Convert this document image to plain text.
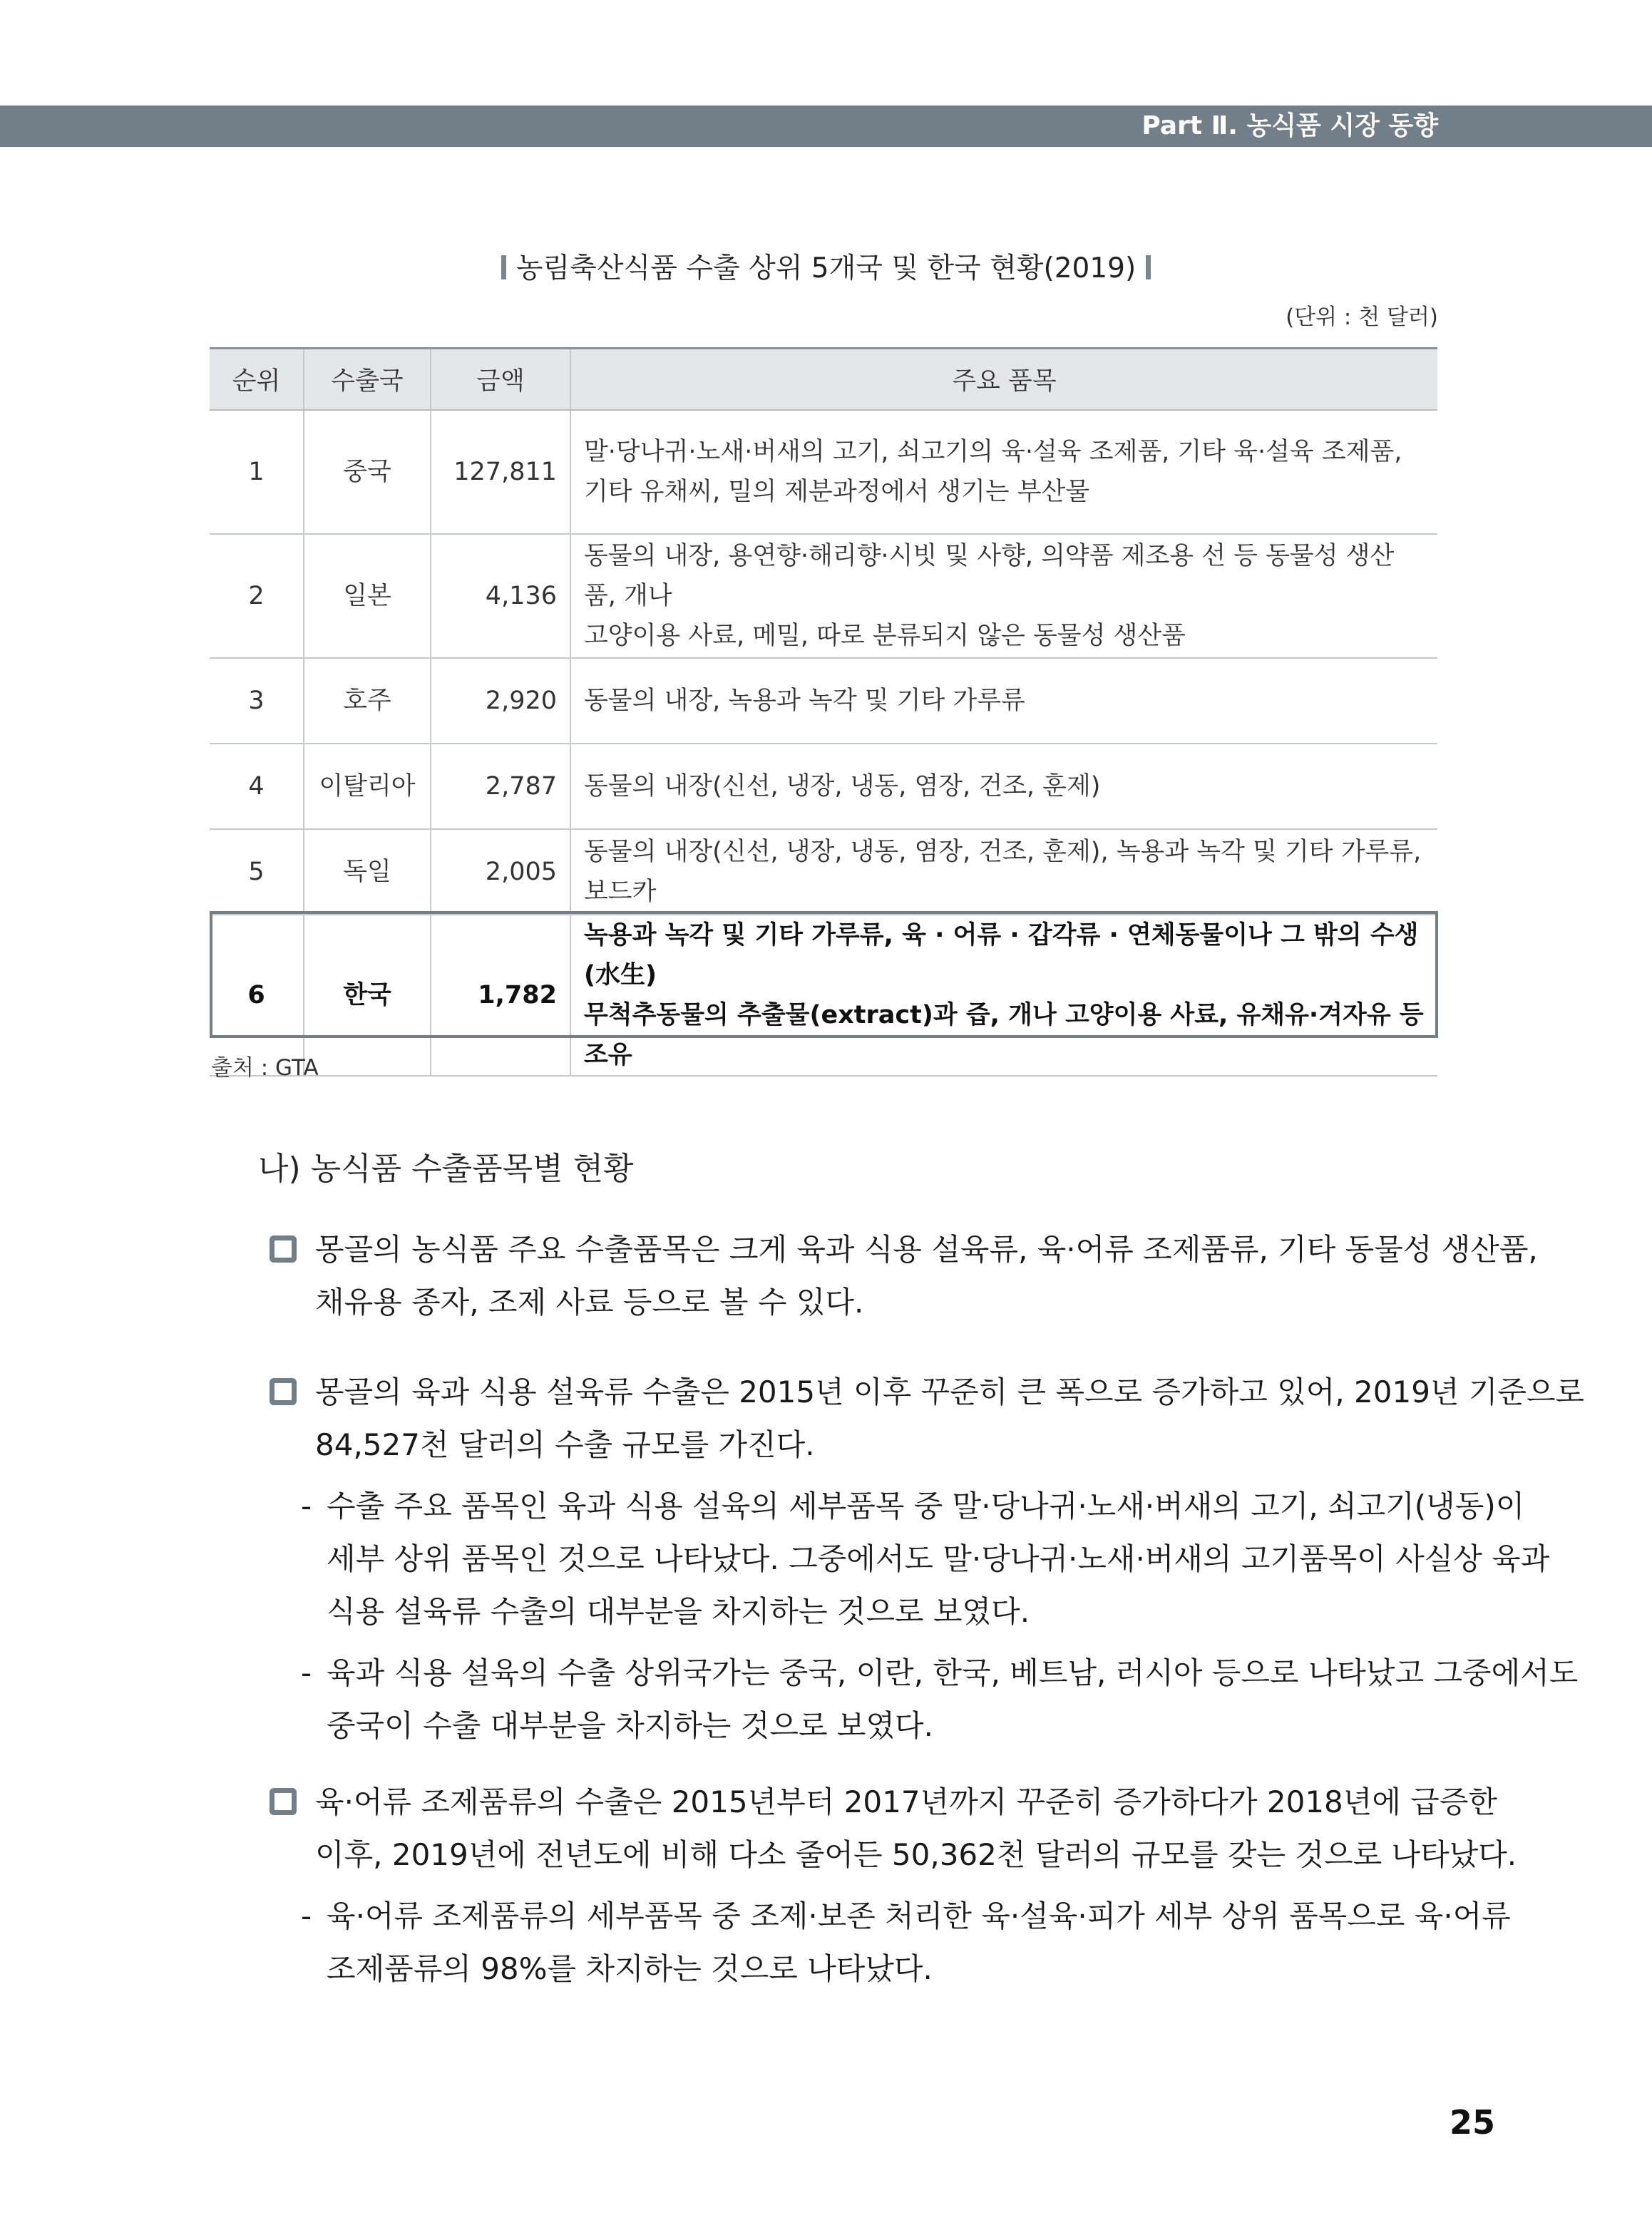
Part Ⅱ. 농식품 시장 동향
농림축산식품 수출 상위 5개국 및 한국 현황(2019)
(단위 : 천 달러)
순위	수출국	금액	주요 품목
1	중국	127,811	말·당나귀·노새·버새의 고기, 쇠고기의 육·설육 조제품, 기타 육·설육 조제품,
기타 유채씨, 밀의 제분과정에서 생기는 부산물

2	일본	4,136	동물의 내장, 용연향·해리향·시빗 및 사향, 의약품 제조용 선 등 동물성 생산품, 개나
고양이용 사료, 메밀, 따로 분류되지 않은 동물성 생산품

3	호주	2,920	동물의 내장, 녹용과 녹각 및 기타 가루류
4	이탈리아	2,787	동물의 내장(신선, 냉장, 냉동, 염장, 건조, 훈제)
5	독일	2,005	동물의 내장(신선, 냉장, 냉동, 염장, 건조, 훈제), 녹용과 녹각 및 기타 가루류, 보드카
6	한국	1,782	녹용과 녹각 및 기타 가루류, 육 · 어류 · 갑각류 · 연체동물이나 그 밖의 수생(水生)
무척추동물의 추출물(extract)과 즙, 개나 고양이용 사료, 유채유·겨자유 등 조유
출처 : GTA
나) 농식품 수출품목별 현황
몽골의 농식품 주요 수출품목은 크게 육과 식용 설육류, 육·어류 조제품류, 기타 동물성 생산품,
채유용 종자, 조제 사료 등으로 볼 수 있다.
몽골의 육과 식용 설육류 수출은 2015년 이후 꾸준히 큰 폭으로 증가하고 있어, 2019년 기준으로
84,527천 달러의 수출 규모를 가진다.
- 수출 주요 품목인 육과 식용 설육의 세부품목 중 말·당나귀·노새·버새의 고기, 쇠고기(냉동)이
세부 상위 품목인 것으로 나타났다. 그중에서도 말·당나귀·노새·버새의 고기품목이 사실상 육과
식용 설육류 수출의 대부분을 차지하는 것으로 보였다.
- 육과 식용 설육의 수출 상위국가는 중국, 이란, 한국, 베트남, 러시아 등으로 나타났고 그중에서도
중국이 수출 대부분을 차지하는 것으로 보였다.
육·어류 조제품류의 수출은 2015년부터 2017년까지 꾸준히 증가하다가 2018년에 급증한
이후, 2019년에 전년도에 비해 다소 줄어든 50,362천 달러의 규모를 갖는 것으로 나타났다.
- 육·어류 조제품류의 세부품목 중 조제·보존 처리한 육·설육·피가 세부 상위 품목으로 육·어류
조제품류의 98%를 차지하는 것으로 나타났다.
25
